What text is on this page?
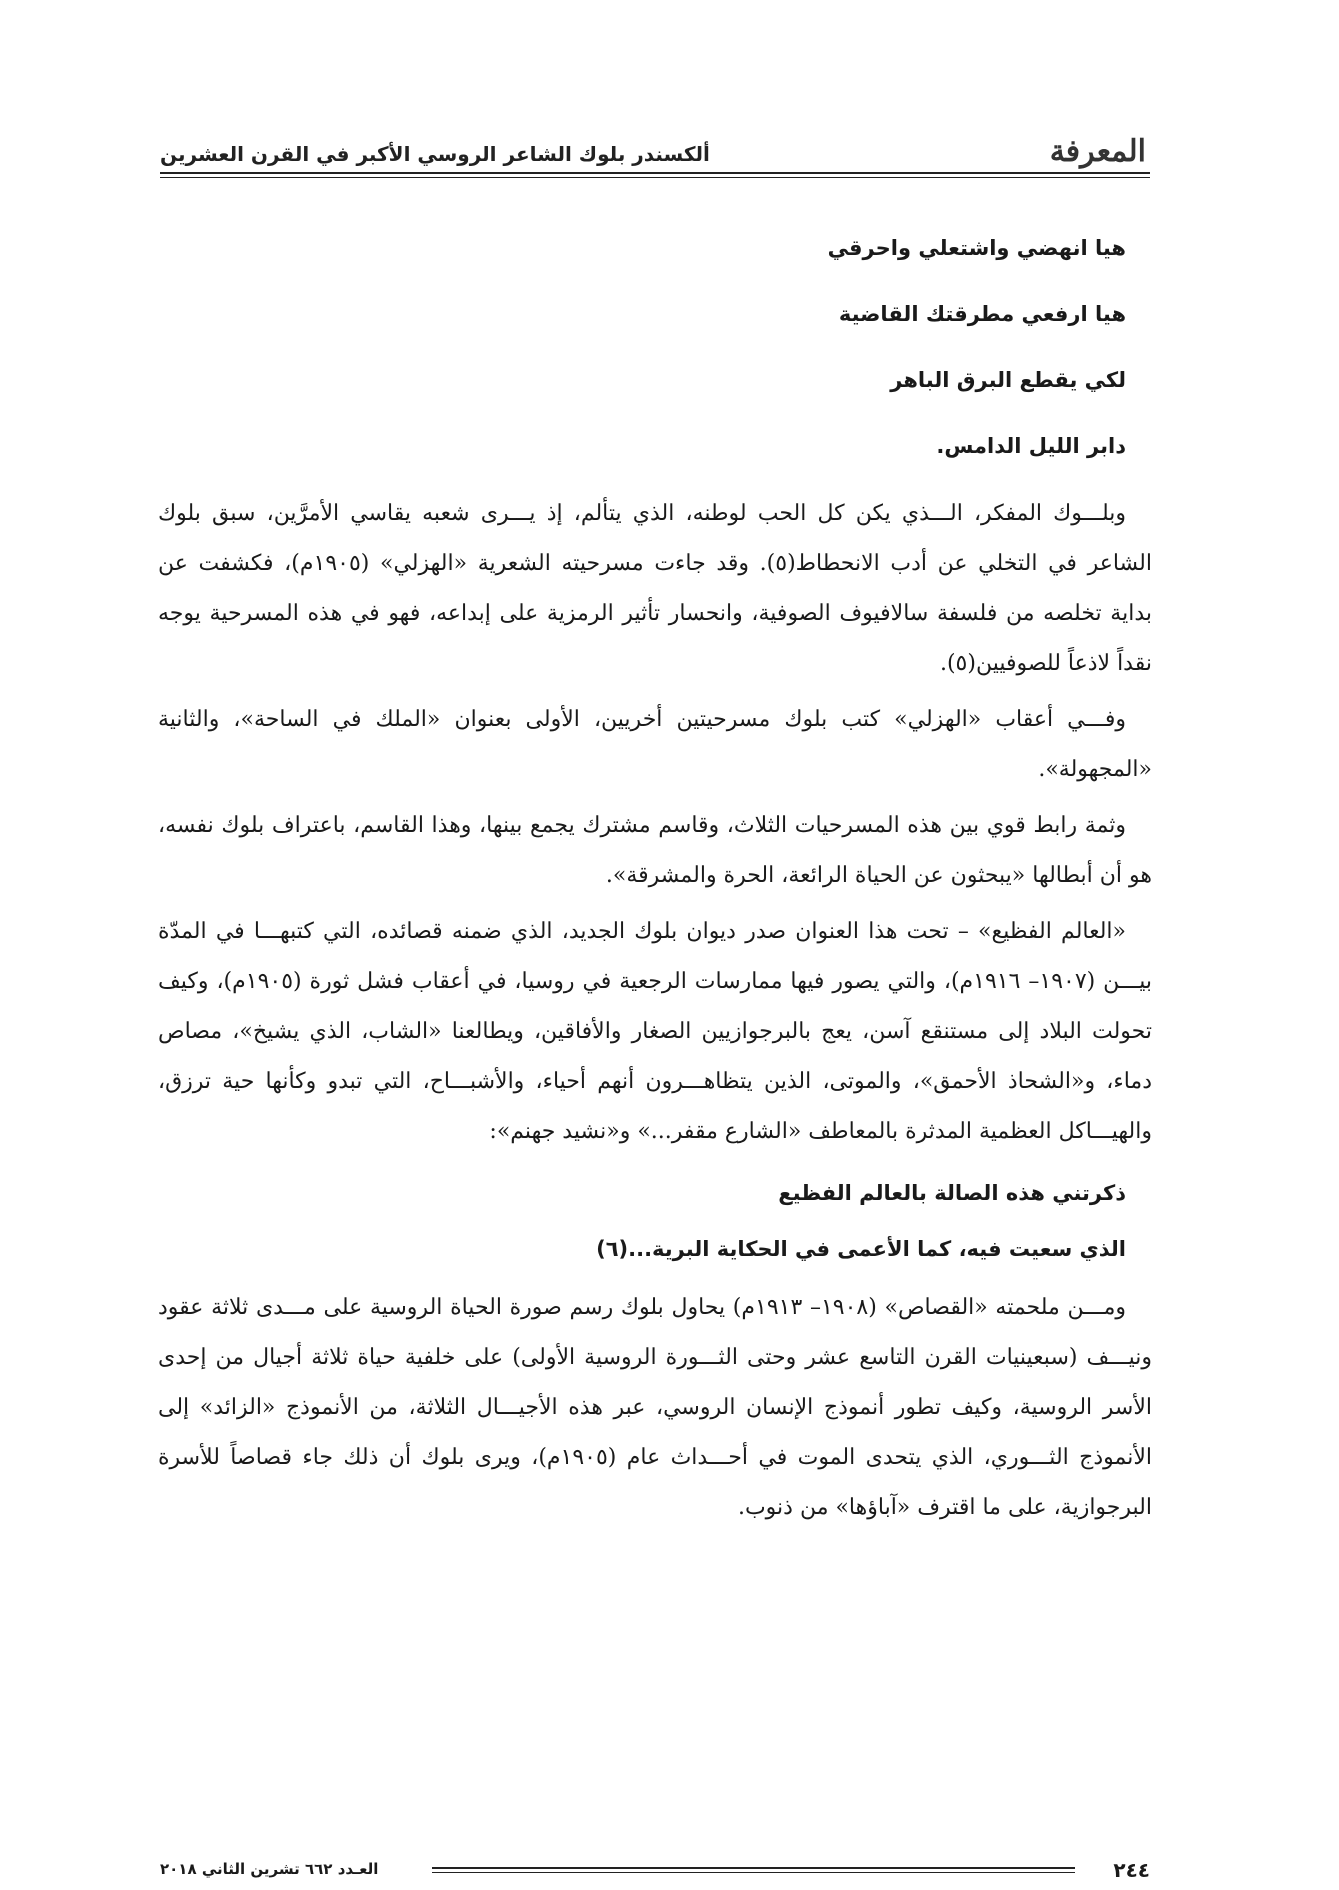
المعرفة
ألكسندر بلوك الشاعر الروسي الأكبر في القرن العشرين

هيا انهضي واشتعلي واحرقي

هيا ارفعي مطرقتك القاضية

لكي يقطع البرق الباهر

دابر الليل الدامس.

وبلـــوك المفكر، الـــذي يكن كل الحب لوطنه، الذي يتألم، إذ يـــرى شعبه يقاسي الأمرَّين، سبق بلوك الشاعر في التخلي عن أدب الانحطاط(٥). وقد جاءت مسرحيته الشعرية «الهزلي» (١٩٠٥م)، فكشفت عن بداية تخلصه من فلسفة سالافيوف الصوفية، وانحسار تأثير الرمزية على إبداعه، فهو في هذه المسرحية يوجه نقداً لاذعاً للصوفيين(٥).

وفـــي أعقاب «الهزلي» كتب بلوك مسرحيتين أخريين، الأولى بعنوان «الملك في الساحة»، والثانية «المجهولة».

وثمة رابط قوي بين هذه المسرحيات الثلاث، وقاسم مشترك يجمع بينها، وهذا القاسم، باعتراف بلوك نفسه، هو أن أبطالها «يبحثون عن الحياة الرائعة، الحرة والمشرقة».

«العالم الفظيع» – تحت هذا العنوان صدر ديوان بلوك الجديد، الذي ضمنه قصائده، التي كتبهـــا في المدّة بيـــن (١٩٠٧– ١٩١٦م)، والتي يصور فيها ممارسات الرجعية في روسيا، في أعقاب فشل ثورة (١٩٠٥م)، وكيف تحولت البلاد إلى مستنقع آسن، يعج بالبرجوازيين الصغار والأفاقين، ويطالعنا «الشاب، الذي يشيخ»، مصاص دماء، و«الشحاذ الأحمق»، والموتى، الذين يتظاهـــرون أنهم أحياء، والأشبـــاح، التي تبدو وكأنها حية ترزق، والهيـــاكل العظمية المدثرة بالمعاطف «الشارع مقفر...» و«نشيد جهنم»:

ذكرتني هذه الصالة بالعالم الفظيع

الذي سعيت فيه، كما الأعمى في الحكاية البرية...(٦)

ومـــن ملحمته «القصاص» (١٩٠٨– ١٩١٣م) يحاول بلوك رسم صورة الحياة الروسية على مـــدى ثلاثة عقود ونيـــف (سبعينيات القرن التاسع عشر وحتى الثـــورة الروسية الأولى) على خلفية حياة ثلاثة أجيال من إحدى الأسر الروسية، وكيف تطور أنموذج الإنسان الروسي، عبر هذه الأجيـــال الثلاثة، من الأنموذج «الزائد» إلى الأنموذج الثـــوري، الذي يتحدى الموت في أحـــداث عام (١٩٠٥م)، ويرى بلوك أن ذلك جاء قصاصاً للأسرة البرجوازية، على ما اقترف «آباؤها» من ذنوب.

٢٤٤
العـدد ٦٦٢ تشرين الثاني ٢٠١٨
